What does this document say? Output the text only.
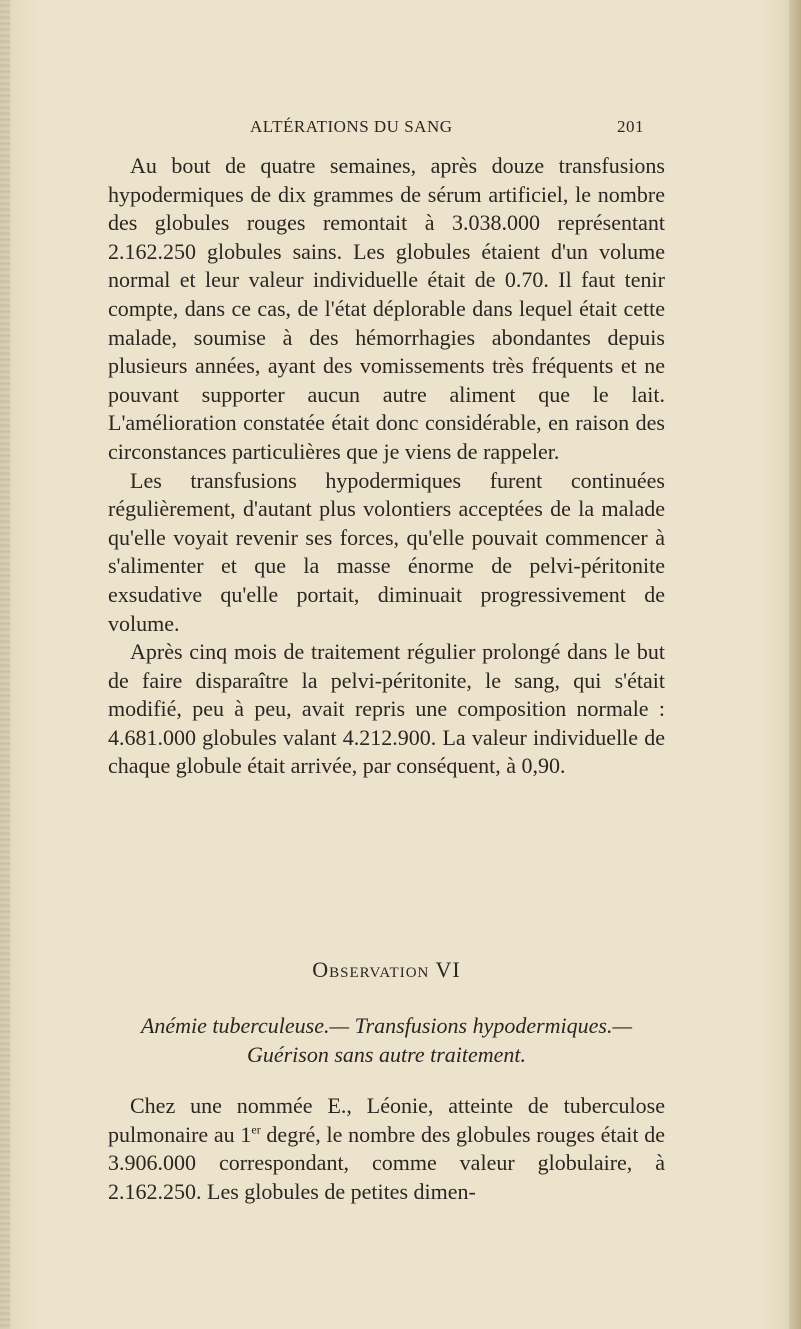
ALTÉRATIONS DU SANG	201

Au bout de quatre semaines, après douze transfusions hypodermiques de dix grammes de sérum artificiel, le nombre des globules rouges remontait à 3.038.000 représentant 2.162.250 globules sains. Les globules étaient d'un volume normal et leur valeur individuelle était de 0.70. Il faut tenir compte, dans ce cas, de l'état déplorable dans lequel était cette malade, soumise à des hémorrhagies abondantes depuis plusieurs années, ayant des vomissements très fréquents et ne pouvant supporter aucun autre aliment que le lait. L'amélioration constatée était donc considérable, en raison des circonstances particulières que je viens de rappeler.

Les transfusions hypodermiques furent continuées régulièrement, d'autant plus volontiers acceptées de la malade qu'elle voyait revenir ses forces, qu'elle pouvait commencer à s'alimenter et que la masse énorme de pelvi-péritonite exsudative qu'elle portait, diminuait progressivement de volume.

Après cinq mois de traitement régulier prolongé dans le but de faire disparaître la pelvi-péritonite, le sang, qui s'était modifié, peu à peu, avait repris une composition normale : 4.681.000 globules valant 4.212.900. La valeur individuelle de chaque globule était arrivée, par conséquent, à 0,90.

Observation VI
Anémie tuberculeuse.— Transfusions hypodermiques.—
Guérison sans autre traitement.

Chez une nommée E., Léonie, atteinte de tuberculose pulmonaire au 1er degré, le nombre des globules rouges était de 3.906.000 correspondant, comme valeur globulaire, à 2.162.250. Les globules de petites dimen-
